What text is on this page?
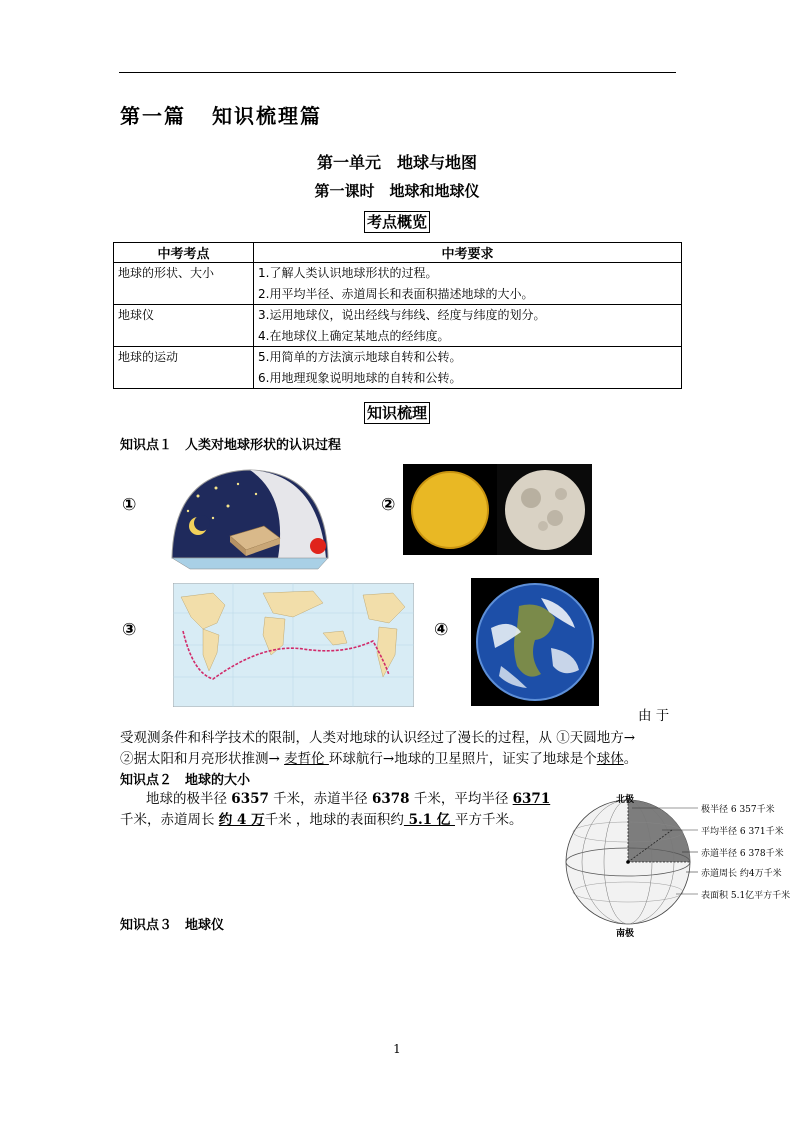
第一篇 知识梳理篇
第一单元　地球与地图
第一课时　地球和地球仪
考点概览
中考考点	中考要求
地球的形状、大小	1.了解人类认识地球形状的过程。
2.用平均半径、赤道周长和表面积描述地球的大小。

地球仪	3.运用地球仪，说出经线与纬线、经度与纬度的划分。
4.在地球仪上确定某地点的经纬度。

地球的运动	5.用简单的方法演示地球自转和公转。
6.用地理现象说明地球的自转和公转。
知识梳理
知识点１　人类对地球形状的认识过程
①	②
③	④
由 于
受观测条件和科学技术的限制，人类对地球的认识经过了漫长的过程，从 ①天圆地方→
②据太阳和月亮形状推测→ 麦哲伦 环球航行→地球的卫星照片，证实了地球是个球体。
知识点２　地球的大小
地球的极半径 6357 千米，赤道半径 6378 千米，平均半径 6371
千米，赤道周长 约 4 万千米 ，地球的表面积约 5.1 亿 平方千米。
北极
南极
极半径 6 357千米
平均半径 6 371千米
赤道半径 6 378千米
赤道周长 约4万千米
表面积 5.1亿平方千米
知识点３　地球仪
1
